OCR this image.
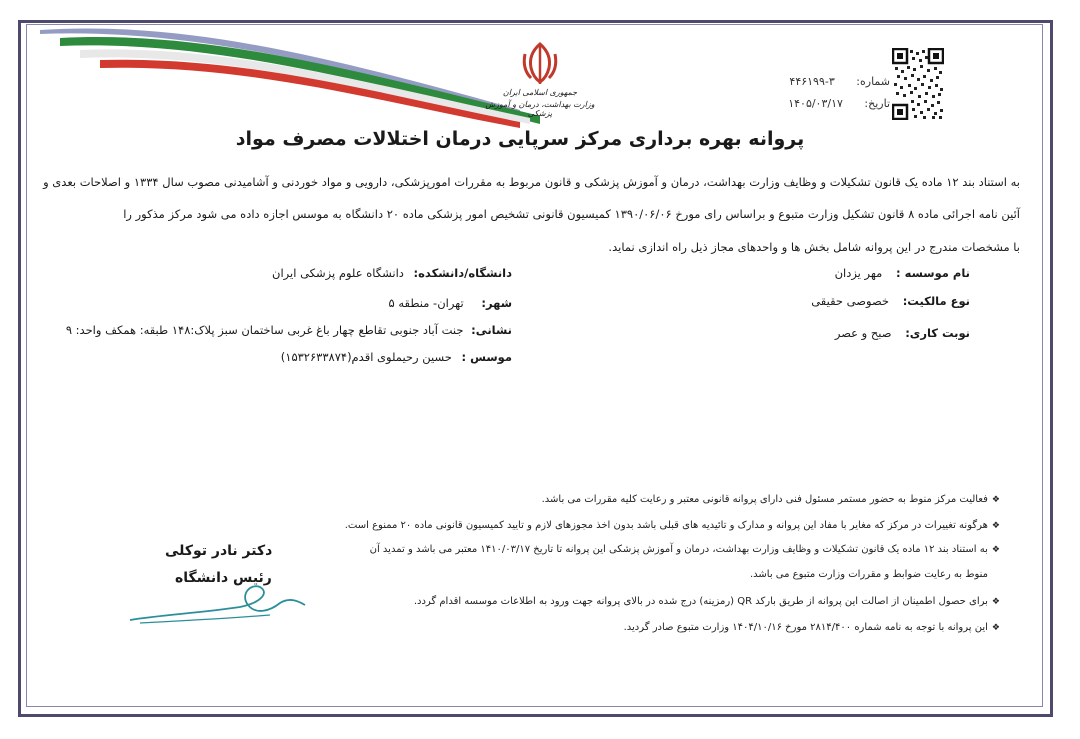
جمهوری اسلامی ایران
وزارت بهداشت، درمان و آموزش پزشکی
شماره: ۳-۴۴۶۱۹۹
تاریخ: ۱۴۰۵/۰۳/۱۷
پروانه بهره برداری مرکز سرپایی درمان اختلالات مصرف مواد
به استناد بند ۱۲ ماده یک قانون تشکیلات و وظایف وزارت بهداشت، درمان و آموزش پزشکی و قانون مربوط به مقررات امورپزشکی، دارویی و مواد خوردنی و آشامیدنی مصوب سال ۱۳۳۴ و اصلاحات بعدی و
آئین نامه اجرائی ماده ۸ قانون تشکیل وزارت متبوع و براساس رای مورخ ۱۳۹۰/۰۶/۰۶ کمیسیون قانونی تشخیص امور پزشکی ماده ۲۰ دانشگاه به موسس اجازه داده می شود مرکز مذکور را
با مشخصات مندرج در این پروانه شامل بخش ها و واحدهای مجاز ذیل راه اندازی نماید.
نام موسسه : مهر یزدان
نوع مالکیت: خصوصی حقیقی
نوبت کاری: صبح و عصر
دانشگاه/دانشکده: دانشگاه علوم پزشکی ایران
شهر: تهران- منطقه ۵
نشانی: جنت آباد جنوبی تقاطع چهار باغ غربی ساختمان سبز پلاک:۱۴۸ طبقه: همکف واحد: ۹
موسس : حسین رحیملوی اقدم(۱۵۳۲۶۳۳۸۷۴)
❖فعالیت مرکز منوط به حضور مستمر مسئول فنی دارای پروانه قانونی معتبر و رعایت کلیه مقررات می باشد.
❖هرگونه تغییرات در مرکز که مغایر با مفاد این پروانه و مدارک و تائیدیه های قبلی باشد بدون اخذ مجوزهای لازم و تایید کمیسیون قانونی ماده ۲۰ ممنوع است.
❖به استناد بند ۱۲ ماده یک قانون تشکیلات و وظایف وزارت بهداشت، درمان و آموزش پزشکی این پروانه تا تاریخ ۱۴۱۰/۰۳/۱۷ معتبر می باشد و تمدید آن
منوط به رعایت ضوابط و مقررات وزارت متبوع می باشد.
❖برای حصول اطمینان از اصالت این پروانه از طریق بارکد QR (رمزینه) درج شده در بالای پروانه جهت ورود به اطلاعات موسسه اقدام گردد.
❖این پروانه با توجه به نامه شماره ۲۸۱۴/۴۰۰ مورخ ۱۴۰۴/۱۰/۱۶ وزارت متبوع صادر گردید.
دکتر نادر توکلی
رئیس دانشگاه
